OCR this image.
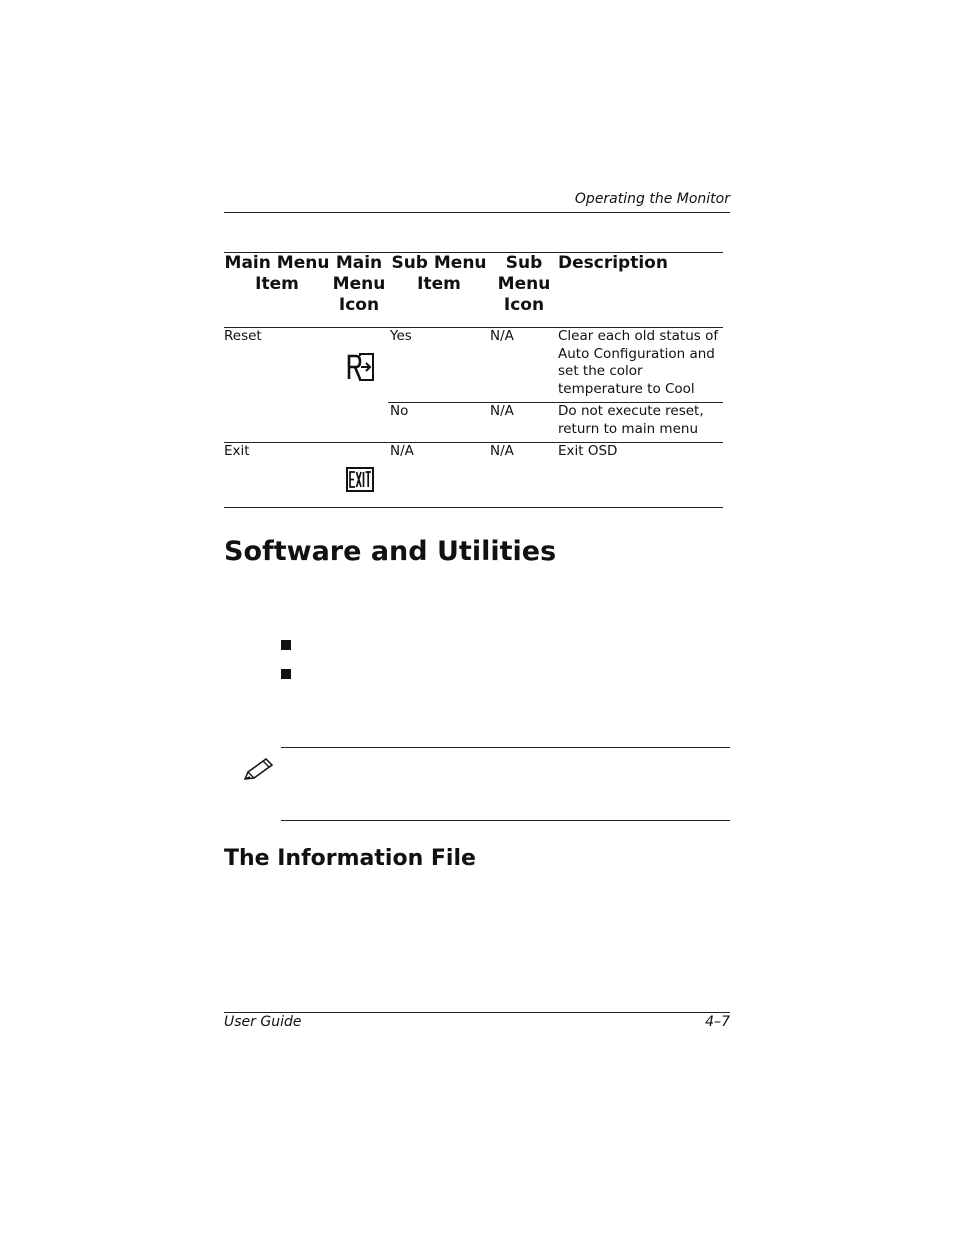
Operating the Monitor
Main Menu Item	Main Menu Icon	Sub Menu Item	Sub Menu Icon	Description
Reset		Yes	N/A	Clear each old status of Auto Configuration and set the color temperature to Cool
		No	N/A	Do not execute reset, return to main menu
Exit		N/A	N/A	Exit OSD
Software and Utilities
The Information File
User Guide	4–7
